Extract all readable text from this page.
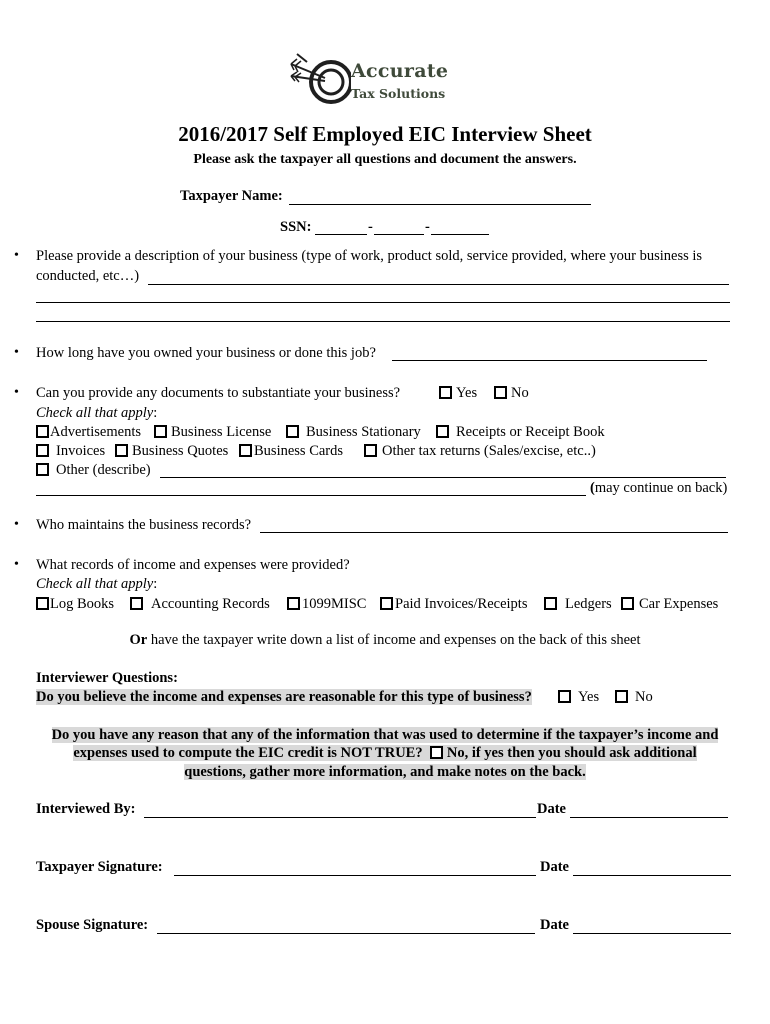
Accurate
Tax Solutions
2016/2017 Self Employed EIC Interview Sheet
Please ask the taxpayer all questions and document the answers.
Taxpayer Name:
SSN:	-	-
• Please provide a description of your business (type of work, product sold, service provided, where your business is
conducted, etc…)
• How long have you owned your business or done this job?
• Can you provide any documents to substantiate your business?	Yes	No
Check all that apply:
Advertisements	Business License	Business Stationary	Receipts or Receipt Book
Invoices	Business Quotes	Business Cards	Other tax returns (Sales/excise, etc..)
Other (describe)
(may continue on back)
• Who maintains the business records?
• What records of income and expenses were provided?
Check all that apply:
Log Books	Accounting Records	1099MISC	Paid Invoices/Receipts	Ledgers	Car Expenses
Or have the taxpayer write down a list of income and expenses on the back of this sheet
Interviewer Questions:
Do you believe the income and expenses are reasonable for this type of business?	Yes	No
Do you have any reason that any of the information that was used to determine if the taxpayer’s income and
expenses used to compute the EIC credit is NOT TRUE? No, if yes then you should ask additional
questions, gather more information, and make notes on the back.
Interviewed By:	Date
Taxpayer Signature:	Date
Spouse Signature:	Date
